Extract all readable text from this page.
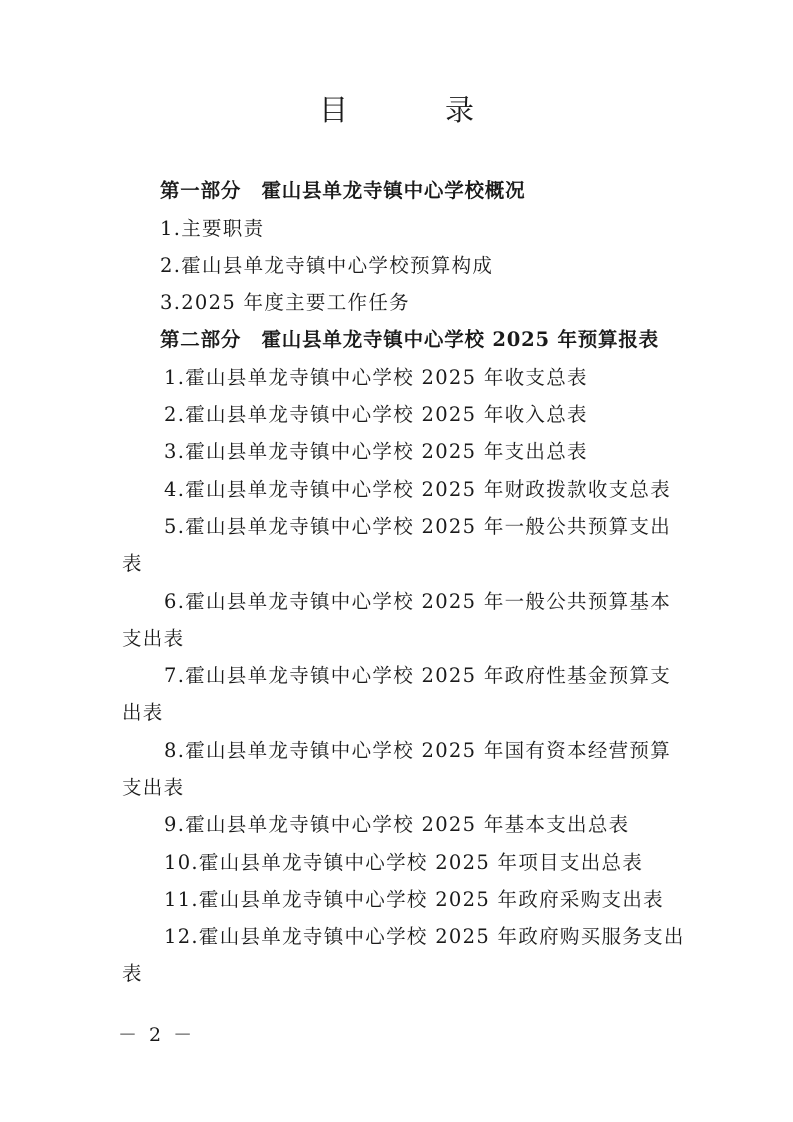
目　录
第一部分　霍山县单龙寺镇中心学校概况
1.主要职责
2.霍山县单龙寺镇中心学校预算构成
3.2025 年度主要工作任务
第二部分　霍山县单龙寺镇中心学校 2025 年预算报表
1.霍山县单龙寺镇中心学校 2025 年收支总表
2.霍山县单龙寺镇中心学校 2025 年收入总表
3.霍山县单龙寺镇中心学校 2025 年支出总表
4.霍山县单龙寺镇中心学校 2025 年财政拨款收支总表
5.霍山县单龙寺镇中心学校 2025 年一般公共预算支出
表
6.霍山县单龙寺镇中心学校 2025 年一般公共预算基本
支出表
7.霍山县单龙寺镇中心学校 2025 年政府性基金预算支
出表
8.霍山县单龙寺镇中心学校 2025 年国有资本经营预算
支出表
9.霍山县单龙寺镇中心学校 2025 年基本支出总表
10.霍山县单龙寺镇中心学校 2025 年项目支出总表
11.霍山县单龙寺镇中心学校 2025 年政府采购支出表
12.霍山县单龙寺镇中心学校 2025 年政府购买服务支出
表
－ 2 －
